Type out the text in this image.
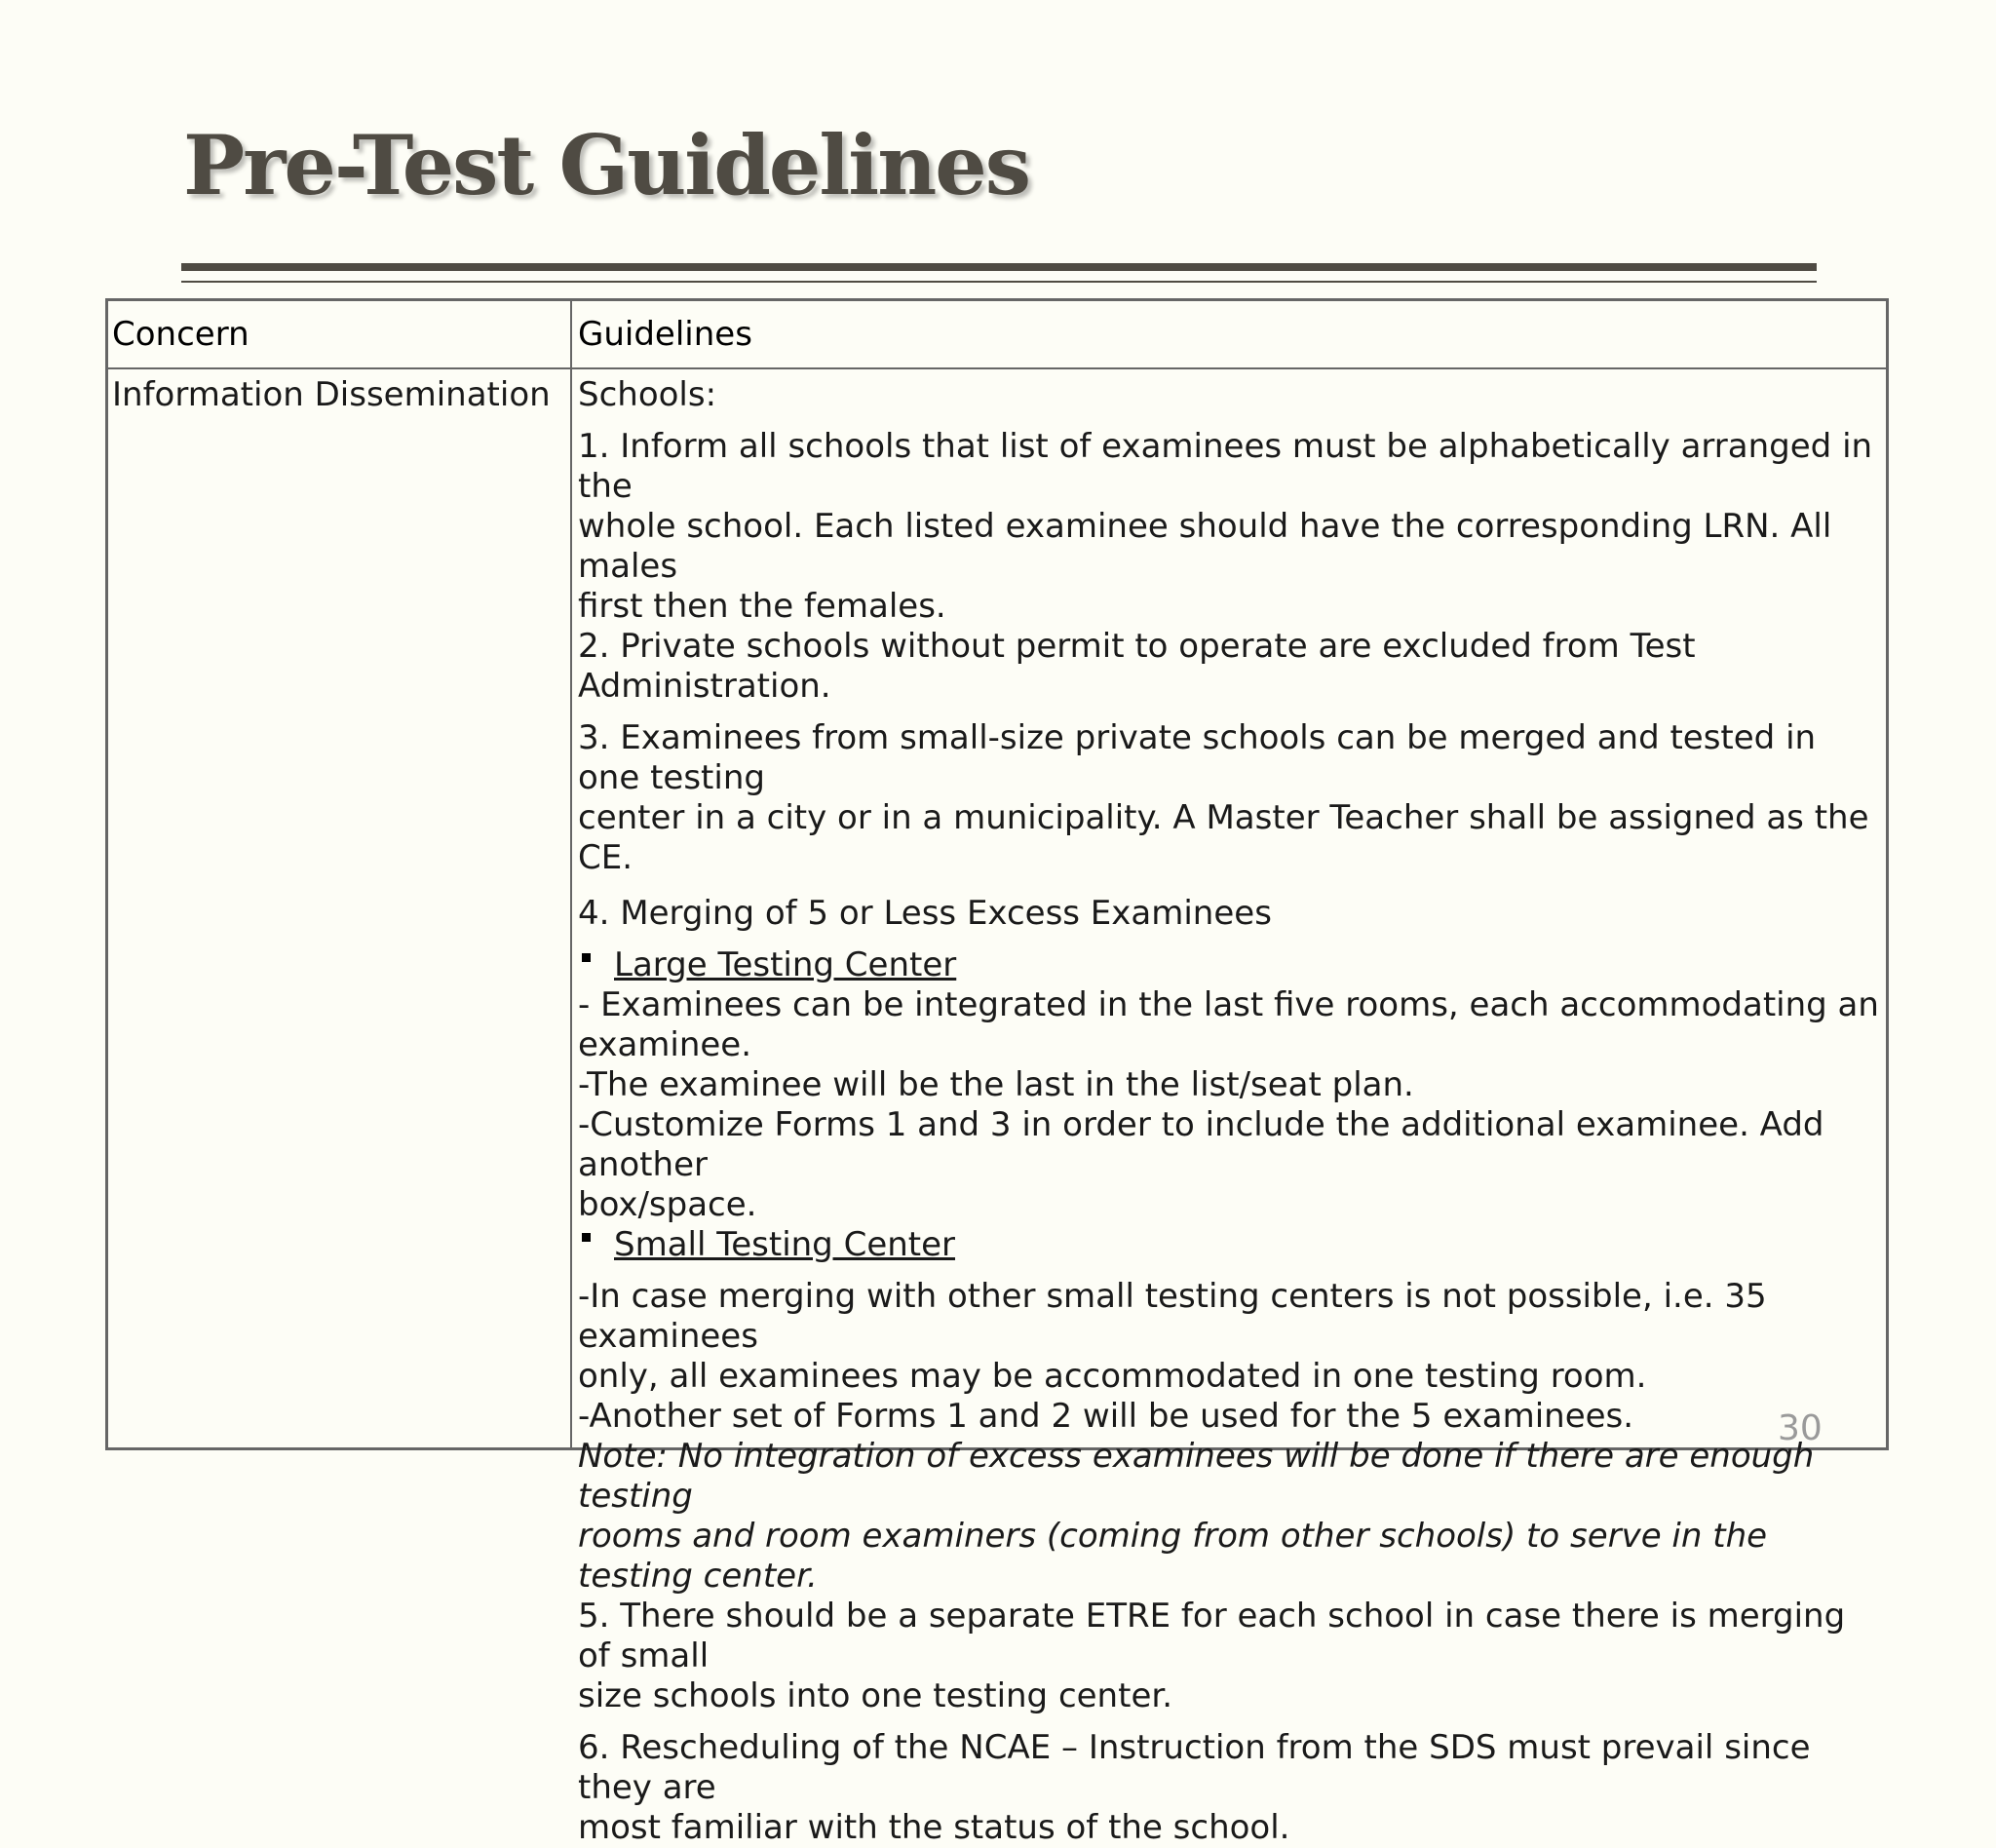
Pre-Test Guidelines
Concern	Guidelines
Information Dissemination Schools:

1. Inform all schools that list of examinees must be alphabetically arranged in the

whole school. Each listed examinee should have the corresponding LRN. All males

first then the females.

2. Private schools without permit to operate are excluded from Test Administration.

3. Examinees from small-size private schools can be merged and tested in one testing

center in a city or in a municipality. A Master Teacher shall be assigned as the CE.

4. Merging of 5 or Less Excess Examinees

Large Testing Center

- Examinees can be integrated in the last five rooms, each accommodating an

examinee.

-The examinee will be the last in the list/seat plan.

-Customize Forms 1 and 3 in order to include the additional examinee. Add another

box/space.

Small Testing Center

-In case merging with other small testing centers is not possible, i.e. 35 examinees

only, all examinees may be accommodated in one testing room.

-Another set of Forms 1 and 2 will be used for the 5 examinees.

Note: No integration of excess examinees will be done if there are enough testing

rooms and room examiners (coming from other schools) to serve in the testing center.

5. There should be a separate ETRE for each school in case there is merging of small

size schools into one testing center.

6. Rescheduling of the NCAE – Instruction from the SDS must prevail since they are

most familiar with the status of the school.

30
